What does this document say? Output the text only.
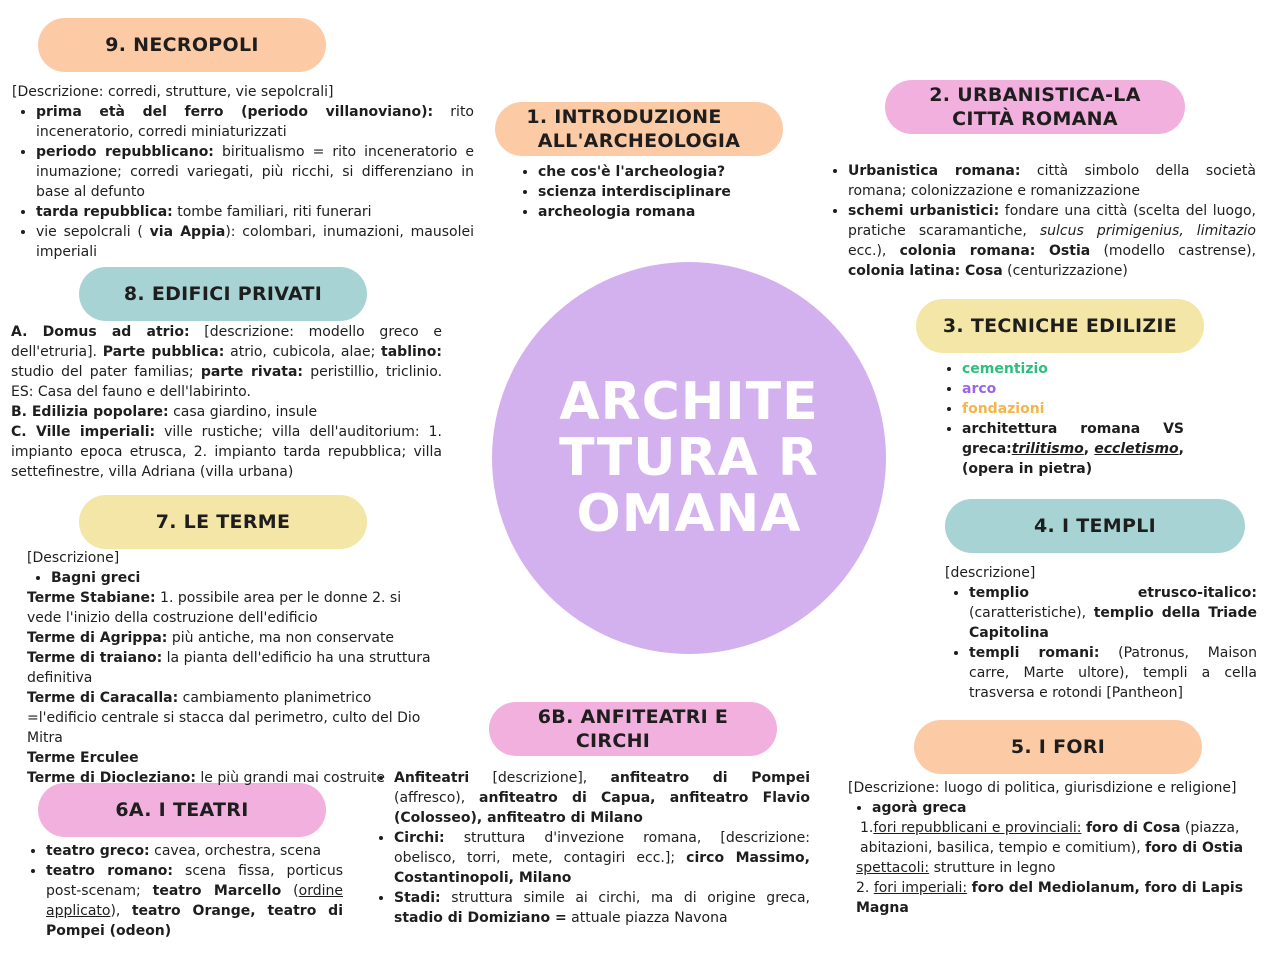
9. NECROPOLI
1. INTRODUZIONE
ALL'ARCHEOLOGIA
2. URBANISTICA-LA
CITTÀ ROMANA
8. EDIFICI PRIVATI
3. TECNICHE EDILIZIE
7. LE TERME	4. I TEMPLI
6B. ANFITEATRI E
CIRCHI	5. I FORI
6A. I TEATRI
ARCHITETTURA ROMANA

[Descrizione: corredi, strutture, vie sepolcrali]

• prima età del ferro (periodo villanoviano): rito inceneratorio, corredi miniaturizzati
• periodo repubblicano: biritualismo = rito inceneratorio e inumazione; corredi variegati, più ricchi, si differenziano in base al defunto
• tarda repubblica: tombe familiari, riti funerari
• vie sepolcrali ( via Appia): colombari, inumazioni, mausolei imperiali
• che cos'è l'archeologia?
• scienza interdisciplinare
• archeologia romana
• Urbanistica romana: città simbolo della società romana; colonizzazione e romanizzazione
• schemi urbanistici: fondare una città (scelta del luogo, pratiche scaramantiche, sulcus primigenius, limitazio ecc.), colonia romana: Ostia (modello castrense), colonia latina: Cosa (centurizzazione)

A. Domus ad atrio: [descrizione: modello greco e dell'etruria]. Parte pubblica: atrio, cubicola, alae; tablino: studio del pater familias; parte rivata: peristillio, triclinio. ES: Casa del fauno e dell'labirinto.

B. Edilizia popolare: casa giardino, insule

C. Ville imperiali: ville rustiche; villa dell'auditorium: 1. impianto epoca etrusca, 2. impianto tarda repubblica; villa settefinestre, villa Adriana (villa urbana)

• cementizio
• arco
• fondazioni
• architettura romana VS greca:trilitismo, eccletismo, (opera in pietra)

[Descrizione]

• Bagni greci

Terme Stabiane: 1. possibile area per le donne 2. si vede l'inizio della costruzione dell'edificio

Terme di Agrippa: più antiche, ma non conservate

Terme di traiano: la pianta dell'edificio ha una struttura definitiva

Terme di Caracalla: cambiamento planimetrico =l'edificio centrale si stacca dal perimetro, culto del Dio Mitra

Terme Erculee

Terme di Diocleziano: le più grandi mai costruite

[descrizione]

• templio etrusco-italico: (caratteristiche), templio della Triade Capitolina
• templi romani: (Patronus, Maison carre, Marte ultore), templi a cella trasversa e rotondi [Pantheon]
• Anfiteatri [descrizione], anfiteatro di Pompei (affresco), anfiteatro di Capua, anfiteatro Flavio (Colosseo), anfiteatro di Milano
• Circhi: struttura d'invezione romana, [descrizione: obelisco, torri, mete, contagiri ecc.]; circo Massimo, Costantinopoli, Milano
• Stadi: struttura simile ai circhi, ma di origine greca, stadio di Domiziano = attuale piazza Navona

[Descrizione: luogo di politica, giurisdizione e religione]

• agorà greca

1.fori repubblicani e provinciali: foro di Cosa (piazza, abitazioni, basilica, tempio e comitium), foro di Ostia

spettacoli: strutture in legno

2. fori imperiali: foro del Mediolanum, foro di Lapis Magna

• teatro greco: cavea, orchestra, scena
• teatro romano: scena fissa, porticus post-scenam; teatro Marcello (ordine applicato), teatro Orange, teatro di Pompei (odeon)
